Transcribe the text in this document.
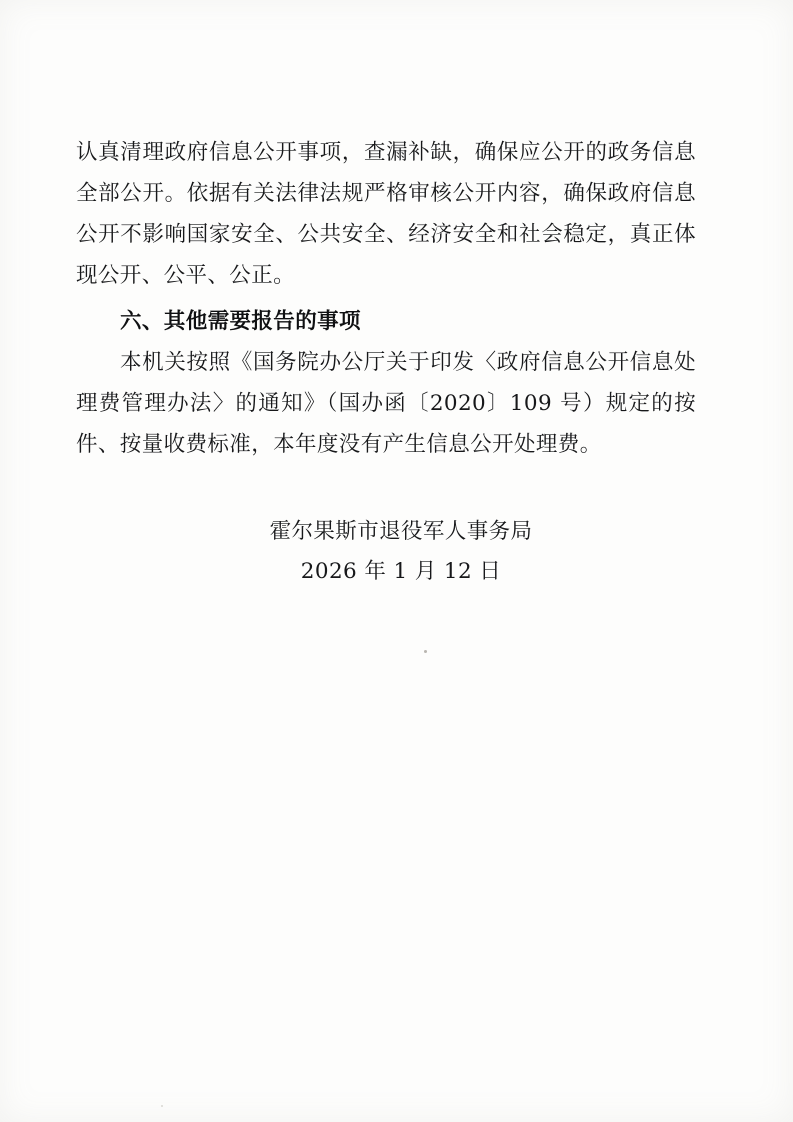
认真清理政府信息公开事项，查漏补缺，确保应公开的政务信息全部公开。依据有关法律法规严格审核公开内容，确保政府信息公开不影响国家安全、公共安全、经济安全和社会稳定，真正体现公开、公平、公正。

六、其他需要报告的事项

本机关按照《国务院办公厅关于印发〈政府信息公开信息处理费管理办法〉的通知》（国办函〔2020〕109 号）规定的按件、按量收费标准，本年度没有产生信息公开处理费。

霍尔果斯市退役军人事务局
2026 年 1 月 12 日
